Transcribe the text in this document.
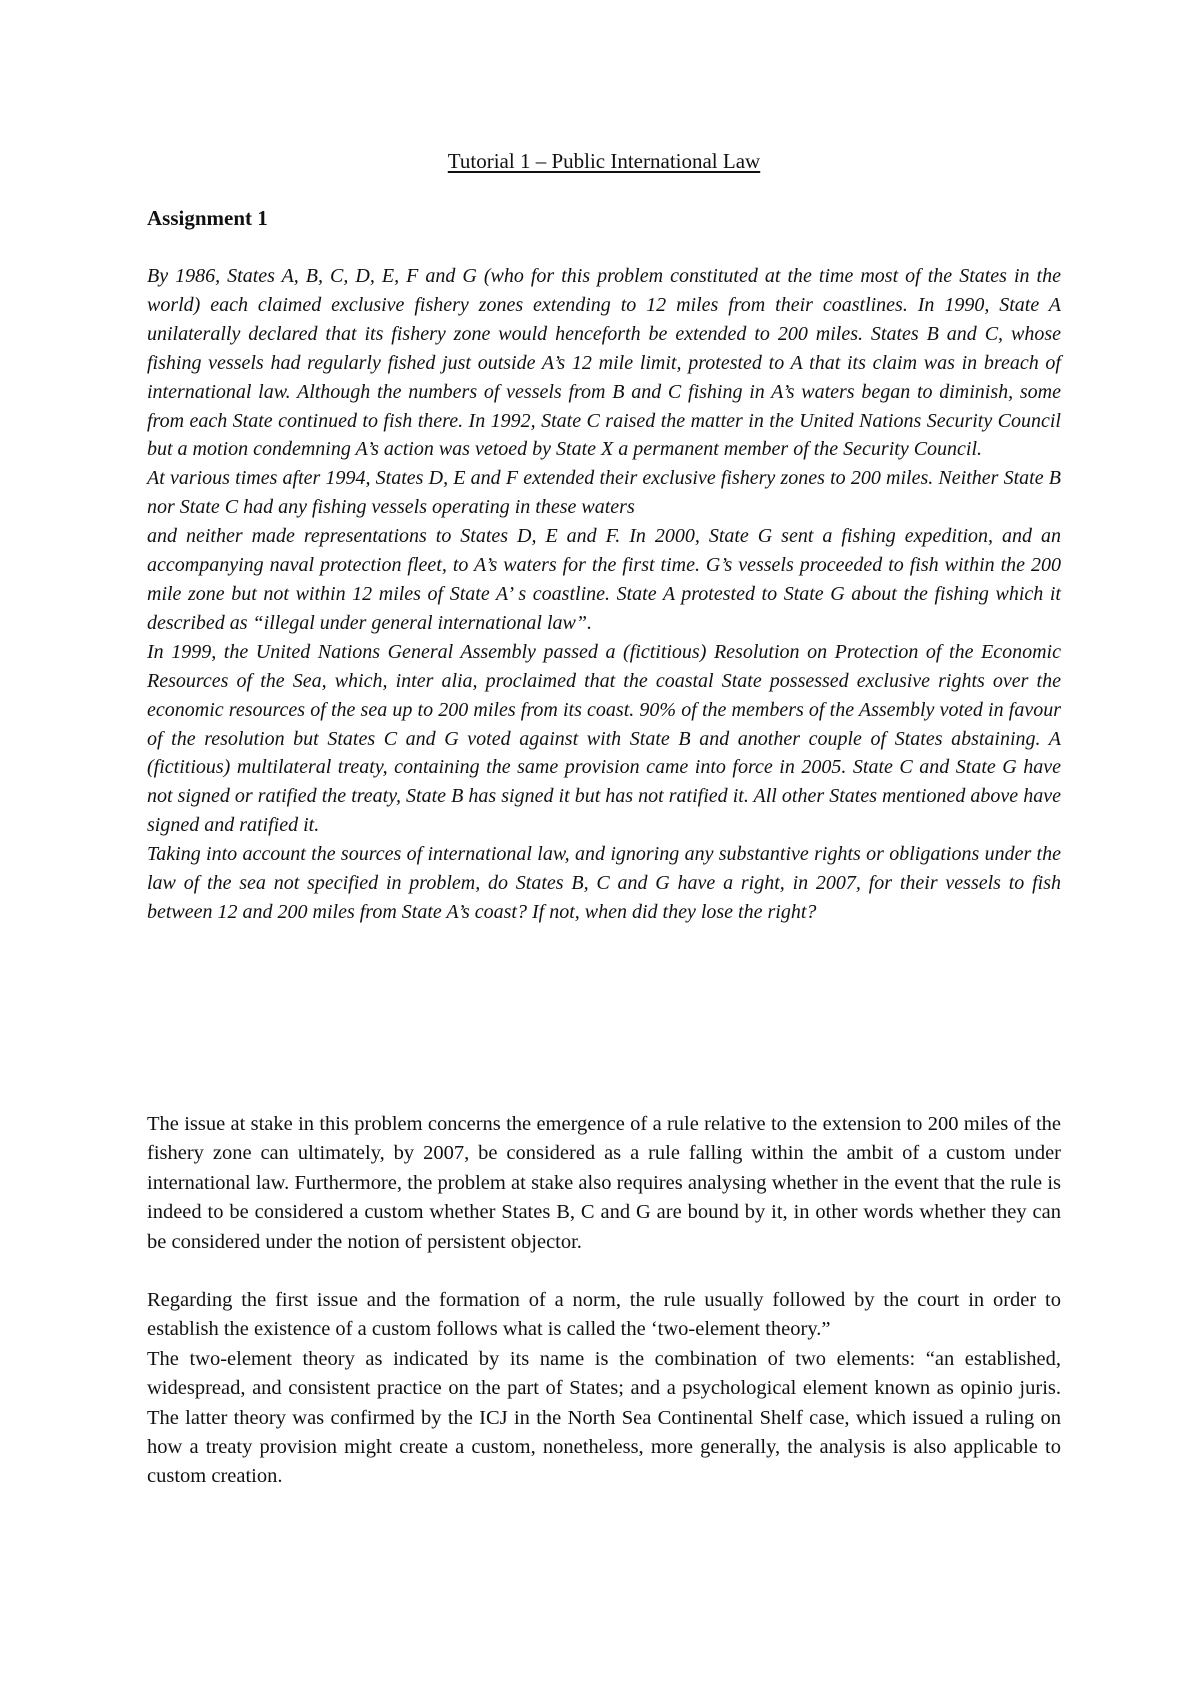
Tutorial 1 – Public International Law
Assignment 1

By 1986, States A, B, C, D, E, F and G (who for this problem constituted at the time most of the States in the world) each claimed exclusive fishery zones extending to 12 miles from their coastlines. In 1990, State A unilaterally declared that its fishery zone would henceforth be extended to 200 miles. States B and C, whose fishing vessels had regularly fished just outside A’s 12 mile limit, protested to A that its claim was in breach of international law. Although the numbers of vessels from B and C fishing in A’s waters began to diminish, some from each State continued to fish there. In 1992, State C raised the matter in the United Nations Security Council but a motion condemning A’s action was vetoed by State X a permanent member of the Security Council.

At various times after 1994, States D, E and F extended their exclusive fishery zones to 200 miles. Neither State B nor State C had any fishing vessels operating in these waters

and neither made representations to States D, E and F. In 2000, State G sent a fishing expedition, and an accompanying naval protection fleet, to A’s waters for the first time. G’s vessels proceeded to fish within the 200 mile zone but not within 12 miles of State A’ s coastline. State A protested to State G about the fishing which it described as “illegal under general international law”.

In 1999, the United Nations General Assembly passed a (fictitious) Resolution on Protection of the Economic Resources of the Sea, which, inter alia, proclaimed that the coastal State possessed exclusive rights over the economic resources of the sea up to 200 miles from its coast. 90% of the members of the Assembly voted in favour of the resolution but States C and G voted against with State B and another couple of States abstaining. A (fictitious) multilateral treaty, containing the same provision came into force in 2005. State C and State G have not signed or ratified the treaty, State B has signed it but has not ratified it. All other States mentioned above have signed and ratified it.

Taking into account the sources of international law, and ignoring any substantive rights or obligations under the law of the sea not specified in problem, do States B, C and G have a right, in 2007, for their vessels to fish between 12 and 200 miles from State A’s coast? If not, when did they lose the right?

The issue at stake in this problem concerns the emergence of a rule relative to the extension to 200 miles of the fishery zone can ultimately, by 2007, be considered as a rule falling within the ambit of a custom under international law. Furthermore, the problem at stake also requires analysing whether in the event that the rule is indeed to be considered a custom whether States B, C and G are bound by it, in other words whether they can be considered under the notion of persistent objector.

Regarding the first issue and the formation of a norm, the rule usually followed by the court in order to establish the existence of a custom follows what is called the ‘two-element theory.”

The two-element theory as indicated by its name is the combination of two elements: “an established, widespread, and consistent practice on the part of States; and a psychological element known as opinio juris. The latter theory was confirmed by the ICJ in the North Sea Continental Shelf case, which issued a ruling on how a treaty provision might create a custom, nonetheless, more generally, the analysis is also applicable to custom creation.
